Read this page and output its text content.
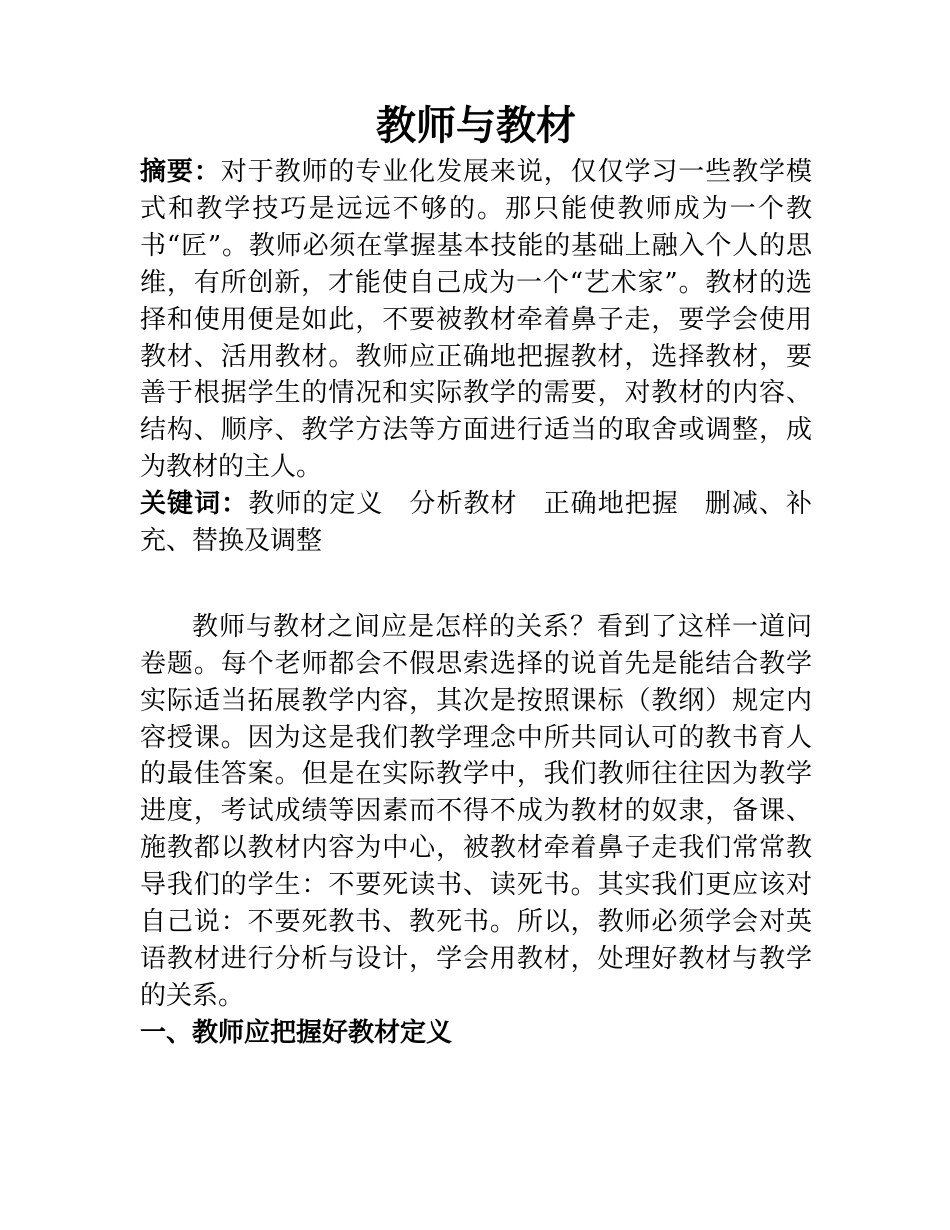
教师与教材

摘要：对于教师的专业化发展来说，仅仅学习一些教学模式和教学技巧是远远不够的。那只能使教师成为一个教书“匠”。教师必须在掌握基本技能的基础上融入个人的思维，有所创新，才能使自己成为一个“艺术家”。教材的选择和使用便是如此，不要被教材牵着鼻子走，要学会使用教材、活用教材。教师应正确地把握教材，选择教材，要善于根据学生的情况和实际教学的需要，对教材的内容、结构、顺序、教学方法等方面进行适当的取舍或调整，成为教材的主人。

关键词：教师的定义 分析教材 正确地把握 删减、补充、替换及调整

教师与教材之间应是怎样的关系？看到了这样一道问卷题。每个老师都会不假思索选择的说首先是能结合教学实际适当拓展教学内容，其次是按照课标（教纲）规定内容授课。因为这是我们教学理念中所共同认可的教书育人的最佳答案。但是在实际教学中，我们教师往往因为教学进度，考试成绩等因素而不得不成为教材的奴隶，备课、施教都以教材内容为中心，被教材牵着鼻子走我们常常教导我们的学生：不要死读书、读死书。其实我们更应该对自己说：不要死教书、教死书。所以，教师必须学会对英语教材进行分析与设计，学会用教材，处理好教材与教学的关系。

一、教师应把握好教材定义
